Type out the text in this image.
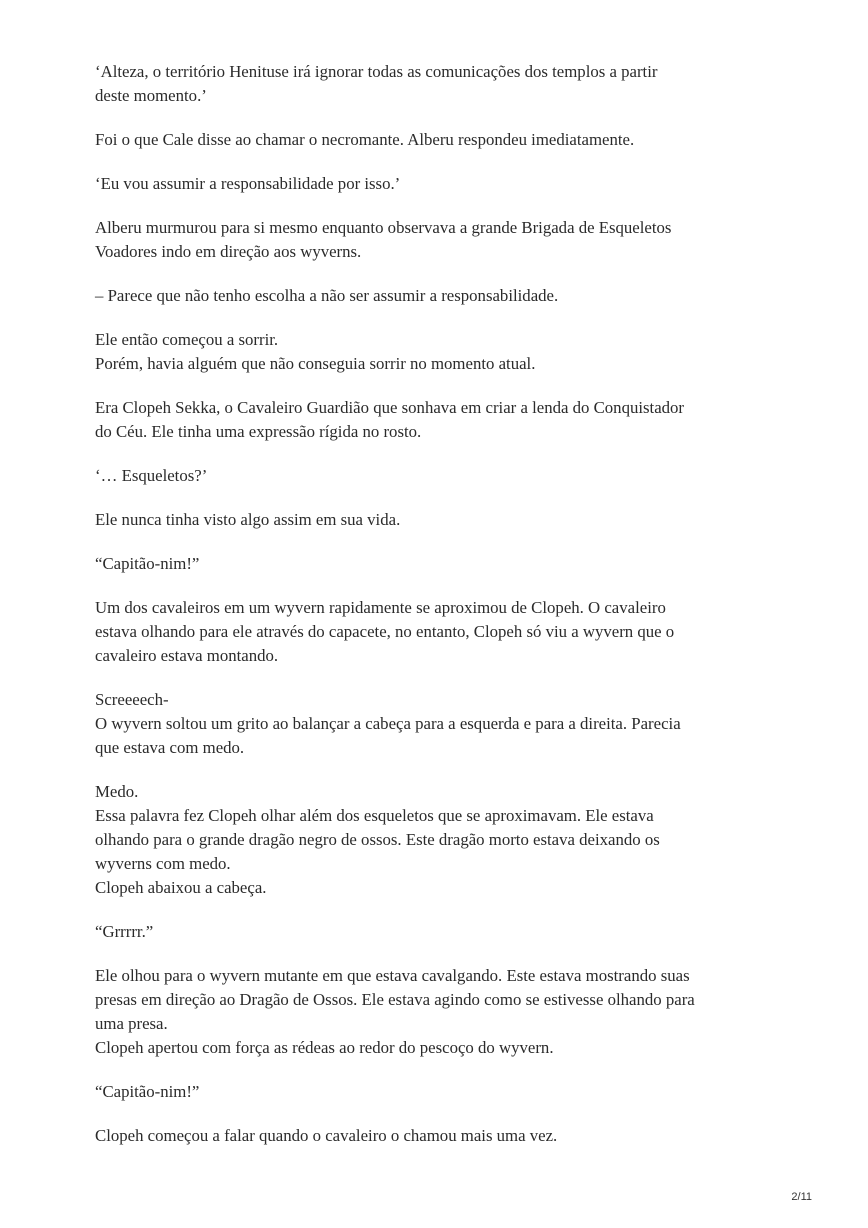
‘Alteza, o território Henituse irá ignorar todas as comunicações dos templos a partir
deste momento.’
Foi o que Cale disse ao chamar o necromante. Alberu respondeu imediatamente.
‘Eu vou assumir a responsabilidade por isso.’
Alberu murmurou para si mesmo enquanto observava a grande Brigada de Esqueletos
Voadores indo em direção aos wyverns.
– Parece que não tenho escolha a não ser assumir a responsabilidade.
Ele então começou a sorrir.
Porém, havia alguém que não conseguia sorrir no momento atual.
Era Clopeh Sekka, o Cavaleiro Guardião que sonhava em criar a lenda do Conquistador
do Céu. Ele tinha uma expressão rígida no rosto.
‘… Esqueletos?’
Ele nunca tinha visto algo assim em sua vida.
“Capitão-nim!”
Um dos cavaleiros em um wyvern rapidamente se aproximou de Clopeh. O cavaleiro
estava olhando para ele através do capacete, no entanto, Clopeh só viu a wyvern que o
cavaleiro estava montando.
Screeeech-
O wyvern soltou um grito ao balançar a cabeça para a esquerda e para a direita. Parecia
que estava com medo.
Medo.
Essa palavra fez Clopeh olhar além dos esqueletos que se aproximavam. Ele estava
olhando para o grande dragão negro de ossos. Este dragão morto estava deixando os
wyverns com medo.
Clopeh abaixou a cabeça.
“Grrrrr.”
Ele olhou para o wyvern mutante em que estava cavalgando. Este estava mostrando suas
presas em direção ao Dragão de Ossos. Ele estava agindo como se estivesse olhando para
uma presa.
Clopeh apertou com força as rédeas ao redor do pescoço do wyvern.
“Capitão-nim!”
Clopeh começou a falar quando o cavaleiro o chamou mais uma vez.
2/11
